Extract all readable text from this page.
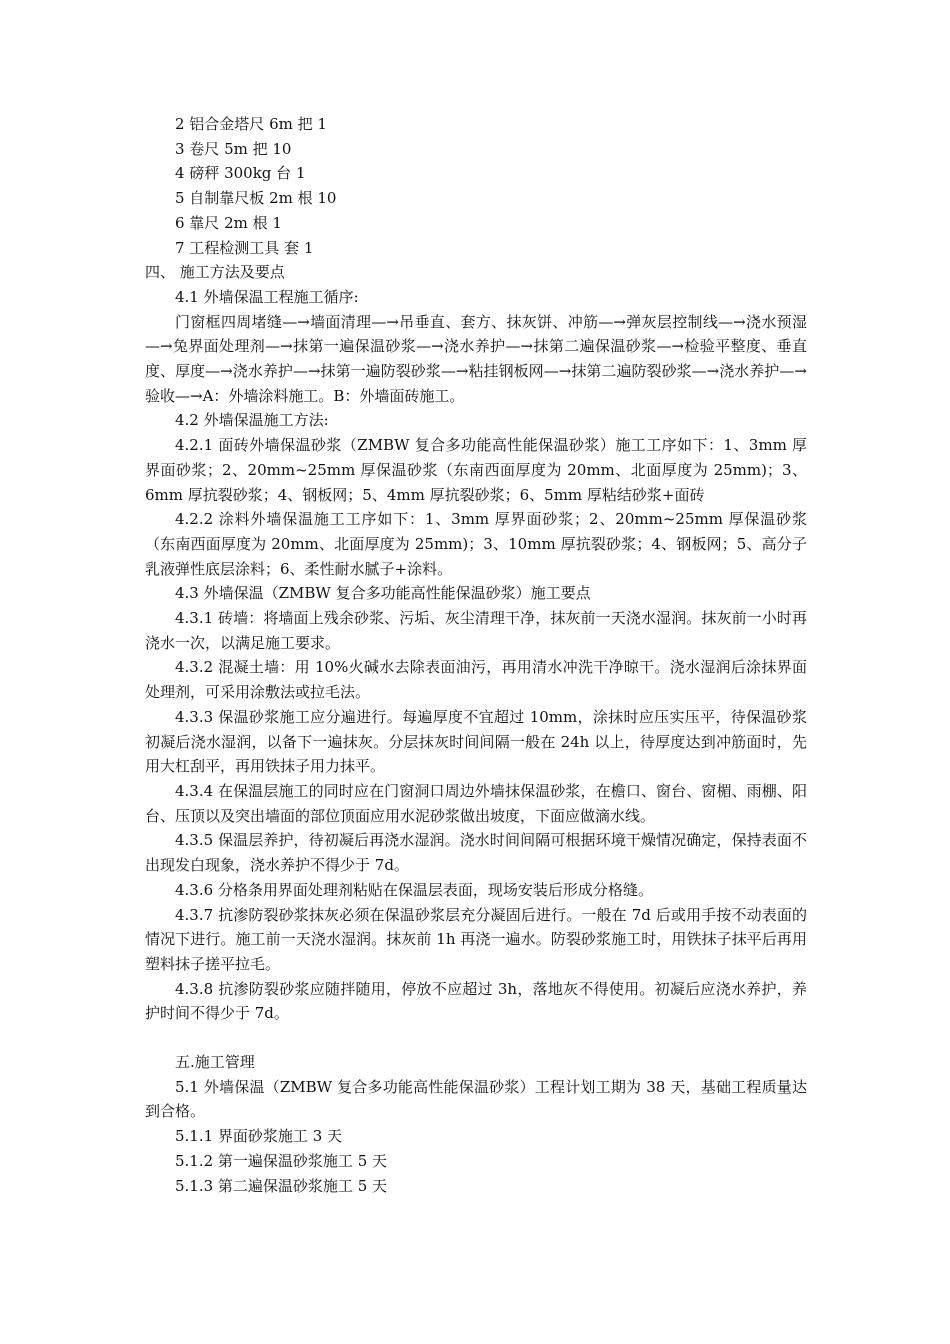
2 铝合金塔尺 6m 把 1

3 卷尺 5m 把 10

4 磅秤 300kg 台 1

5 自制靠尺板 2m 根 10

6 靠尺 2m 根 1

7 工程检测工具 套 1

四、 施工方法及要点

4.1 外墙保温工程施工循序:

门窗框四周堵缝—→墙面清理—→吊垂直、套方、抹灰饼、冲筋—→弹灰层控制线—→浇水预湿—→兔界面处理剂—→抹第一遍保温砂浆—→浇水养护—→抹第二遍保温砂浆—→检验平整度、垂直度、厚度—→浇水养护—→抹第一遍防裂砂浆—→粘挂钢板网—→抹第二遍防裂砂浆—→浇水养护—→验收—→A：外墙涂料施工。B：外墙面砖施工。

4.2 外墙保温施工方法:

4.2.1 面砖外墙保温砂浆（ZMBW 复合多功能高性能保温砂浆）施工工序如下：1、3mm 厚界面砂浆；2、20mm~25mm 厚保温砂浆（东南西面厚度为 20mm、北面厚度为 25mm)；3、6mm 厚抗裂砂浆；4、钢板网；5、4mm 厚抗裂砂浆；6、5mm 厚粘结砂浆+面砖

4.2.2 涂料外墙保温施工工序如下：1、3mm 厚界面砂浆；2、20mm~25mm 厚保温砂浆（东南西面厚度为 20mm、北面厚度为 25mm)；3、10mm 厚抗裂砂浆；4、钢板网；5、高分子乳液弹性底层涂料；6、柔性耐水腻子+涂料。

4.3 外墙保温（ZMBW 复合多功能高性能保温砂浆）施工要点

4.3.1 砖墙：将墙面上残余砂浆、污垢、灰尘清理干净，抹灰前一天浇水湿润。抹灰前一小时再浇水一次，以满足施工要求。

4.3.2 混凝土墙：用 10%火碱水去除表面油污，再用清水冲洗干净晾干。浇水湿润后涂抹界面处理剂，可采用涂敷法或拉毛法。

4.3.3 保温砂浆施工应分遍进行。每遍厚度不宜超过 10mm，涂抹时应压实压平，待保温砂浆初凝后浇水湿润，以备下一遍抹灰。分层抹灰时间间隔一般在 24h 以上，待厚度达到冲筋面时，先用大杠刮平，再用铁抹子用力抹平。

4.3.4 在保温层施工的同时应在门窗洞口周边外墙抹保温砂浆，在檐口、窗台、窗楣、雨棚、阳台、压顶以及突出墙面的部位顶面应用水泥砂浆做出坡度，下面应做滴水线。

4.3.5 保温层养护，待初凝后再浇水湿润。浇水时间间隔可根据环境干燥情况确定，保持表面不出现发白现象，浇水养护不得少于 7d。

4.3.6 分格条用界面处理剂粘贴在保温层表面，现场安装后形成分格缝。

4.3.7 抗渗防裂砂浆抹灰必须在保温砂浆层充分凝固后进行。一般在 7d 后或用手按不动表面的情况下进行。施工前一天浇水湿润。抹灰前 1h 再浇一遍水。防裂砂浆施工时，用铁抹子抹平后再用塑料抹子搓平拉毛。

4.3.8 抗渗防裂砂浆应随拌随用，停放不应超过 3h，落地灰不得使用。初凝后应浇水养护，养护时间不得少于 7d。

五.施工管理

5.1 外墙保温（ZMBW 复合多功能高性能保温砂浆）工程计划工期为 38 天，基础工程质量达到合格。

5.1.1 界面砂浆施工 3 天

5.1.2 第一遍保温砂浆施工 5 天

5.1.3 第二遍保温砂浆施工 5 天
